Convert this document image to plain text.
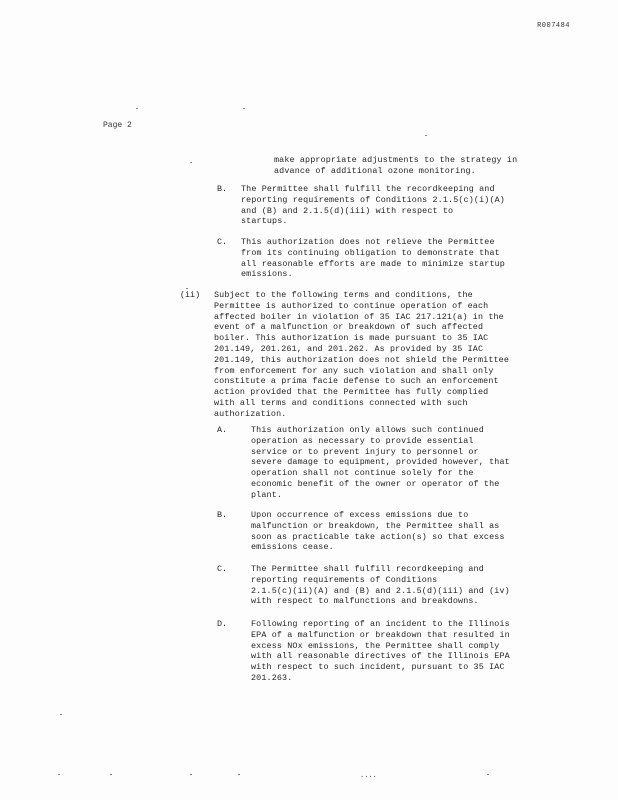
R007484
Page 2
make appropriate adjustments to the strategy in
advance of additional ozone monitoring.
B. The Permittee shall fulfill the recordkeeping and
reporting requirements of Conditions 2.1.5(c)(i)(A)
and (B) and 2.1.5(d)(iii) with respect to
startups.
C. This authorization does not relieve the Permittee
from its continuing obligation to demonstrate that
all reasonable efforts are made to minimize startup
emissions.
(ii) Subject to the following terms and conditions, the
Permittee is authorized to continue operation of each
affected boiler in violation of 35 IAC 217.121(a) in the
event of a malfunction or breakdown of such affected
boiler. This authorization is made pursuant to 35 IAC
201.149, 201.261, and 201.262. As provided by 35 IAC
201.149, this authorization does not shield the Permittee
from enforcement for any such violation and shall only
constitute a prima facie defense to such an enforcement
action provided that the Permittee has fully complied
with all terms and conditions connected with such
authorization.
A.	This authorization only allows such continued
operation as necessary to provide essential
service or to prevent injury to personnel or
severe damage to equipment, provided however, that
operation shall not continue solely for the
economic benefit of the owner or operator of the
plant.
B.	Upon occurrence of excess emissions due to
malfunction or breakdown, the Permittee shall as
soon as practicable take action(s) so that excess
emissions cease.
C.	The Permittee shall fulfill recordkeeping and
reporting requirements of Conditions
2.1.5(c)(ii)(A) and (B) and 2.1.5(d)(iii) and (iv)
with respect to malfunctions and breakdowns.
D.	Following reporting of an incident to the Illinois
EPA of a malfunction or breakdown that resulted in
excess NOx emissions, the Permittee shall comply
with all reasonable directives of the Illinois EPA
with respect to such incident, pursuant to 35 IAC
201.263.
....
